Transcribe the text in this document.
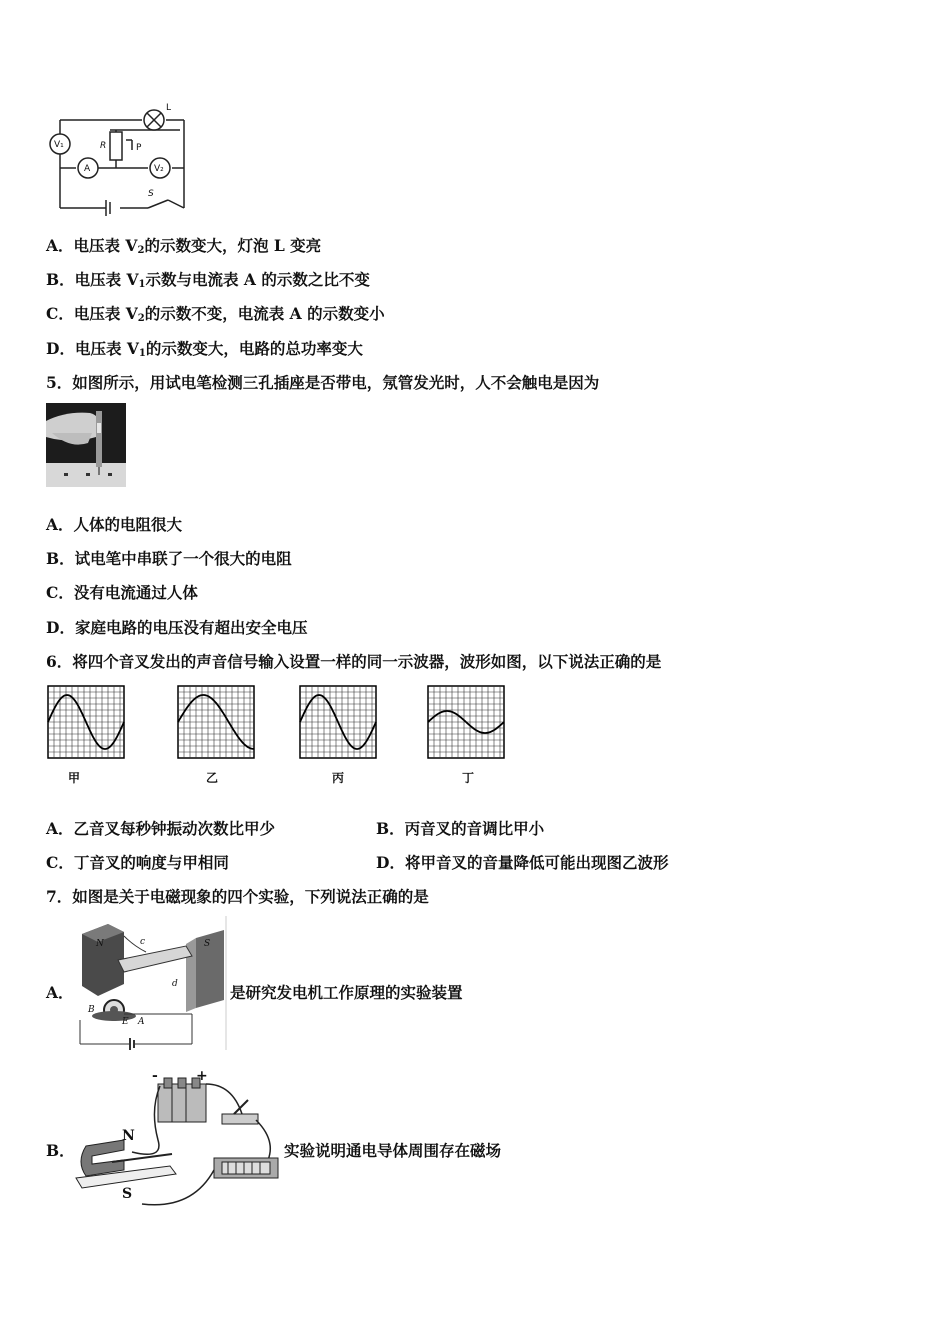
V₁
A	V₂
R	P
L
S
A．电压表 $V_2$的示数变大，灯泡 L 变亮
B．电压表 $V_1$示数与电流表 A 的示数之比不变
C．电压表 $V_2$的示数不变，电流表 A 的示数变小
D．电压表 $V_1$的示数变大，电路的总功率变大
5．如图所示，用试电笔检测三孔插座是否带电，氖管发光时，人不会触电是因为
A．人体的电阻很大
B．试电笔中串联了一个很大的电阻
C．没有电流通过人体
D．家庭电路的电压没有超出安全电压
6．将四个音叉发出的声音信号输入设置一样的同一示波器，波形如图，以下说法正确的是
甲	乙	丙	丁
A．乙音叉每秒钟振动次数比甲少	B．丙音叉的音调比甲小
C．丁音叉的响度与甲相同	D．将甲音叉的音量降低可能出现图乙波形
7．如图是关于电磁现象的四个实验，下列说法正确的是
A．
N	S
c
d
B
E A
是研究发电机工作原理的实验装置
B．
N
S
-	+
实验说明通电导体周围存在磁场
